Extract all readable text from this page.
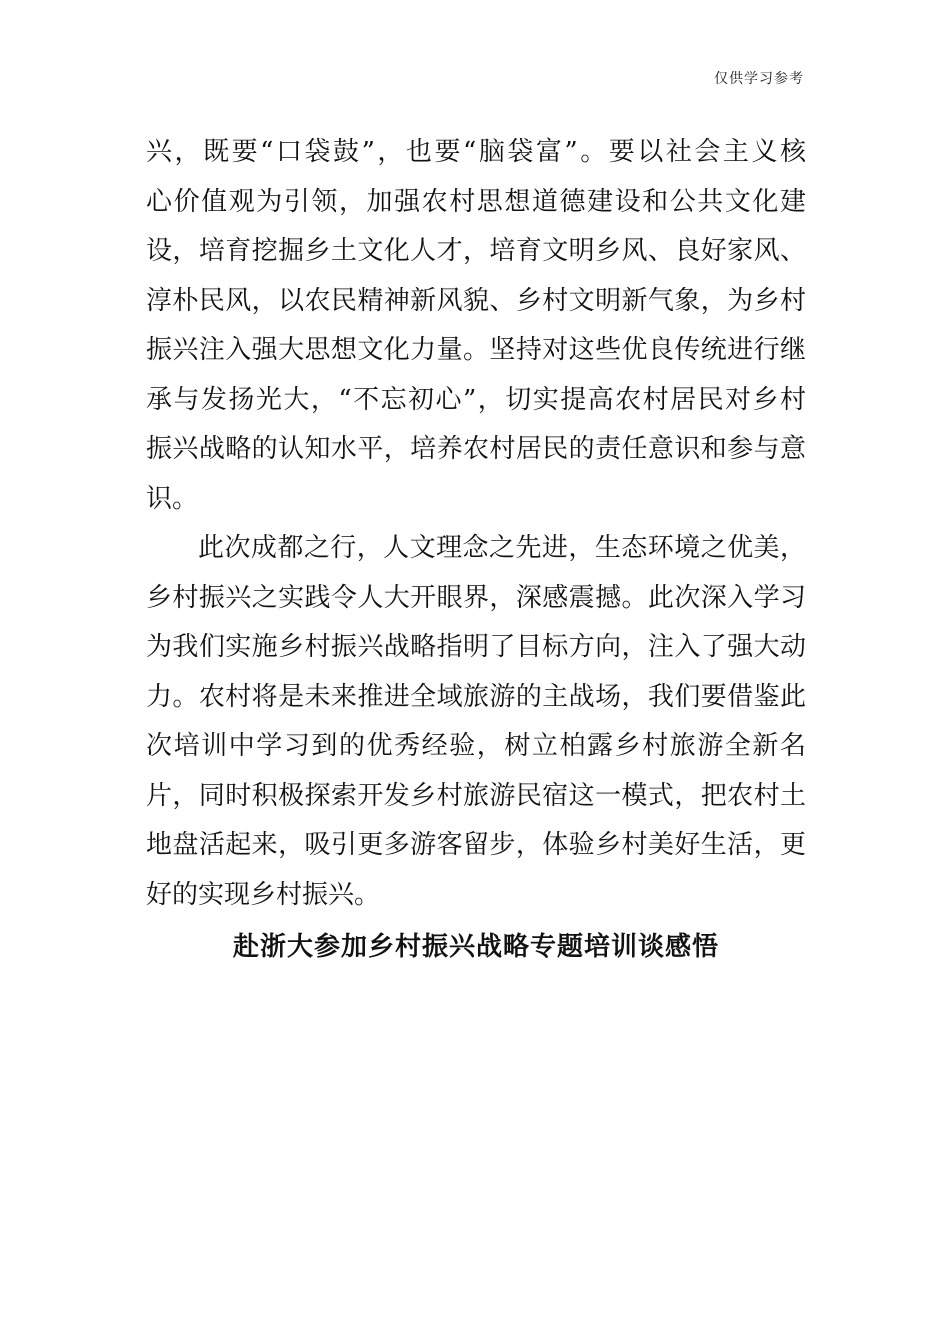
仅供学习参考
兴，既要“口袋鼓”，也要“脑袋富”。要以社会主义核
心价值观为引领，加强农村思想道德建设和公共文化建
设，培育挖掘乡土文化人才，培育文明乡风、良好家风、
淳朴民风，以农民精神新风貌、乡村文明新气象，为乡村
振兴注入强大思想文化力量。坚持对这些优良传统进行继
承与发扬光大，“不忘初心”，切实提高农村居民对乡村
振兴战略的认知水平，培养农村居民的责任意识和参与意
识。
此次成都之行，人文理念之先进，生态环境之优美，
乡村振兴之实践令人大开眼界，深感震撼。此次深入学习
为我们实施乡村振兴战略指明了目标方向，注入了强大动
力。农村将是未来推进全域旅游的主战场，我们要借鉴此
次培训中学习到的优秀经验，树立柏露乡村旅游全新名
片，同时积极探索开发乡村旅游民宿这一模式，把农村土
地盘活起来，吸引更多游客留步，体验乡村美好生活，更
好的实现乡村振兴。
赴浙大参加乡村振兴战略专题培训谈感悟
